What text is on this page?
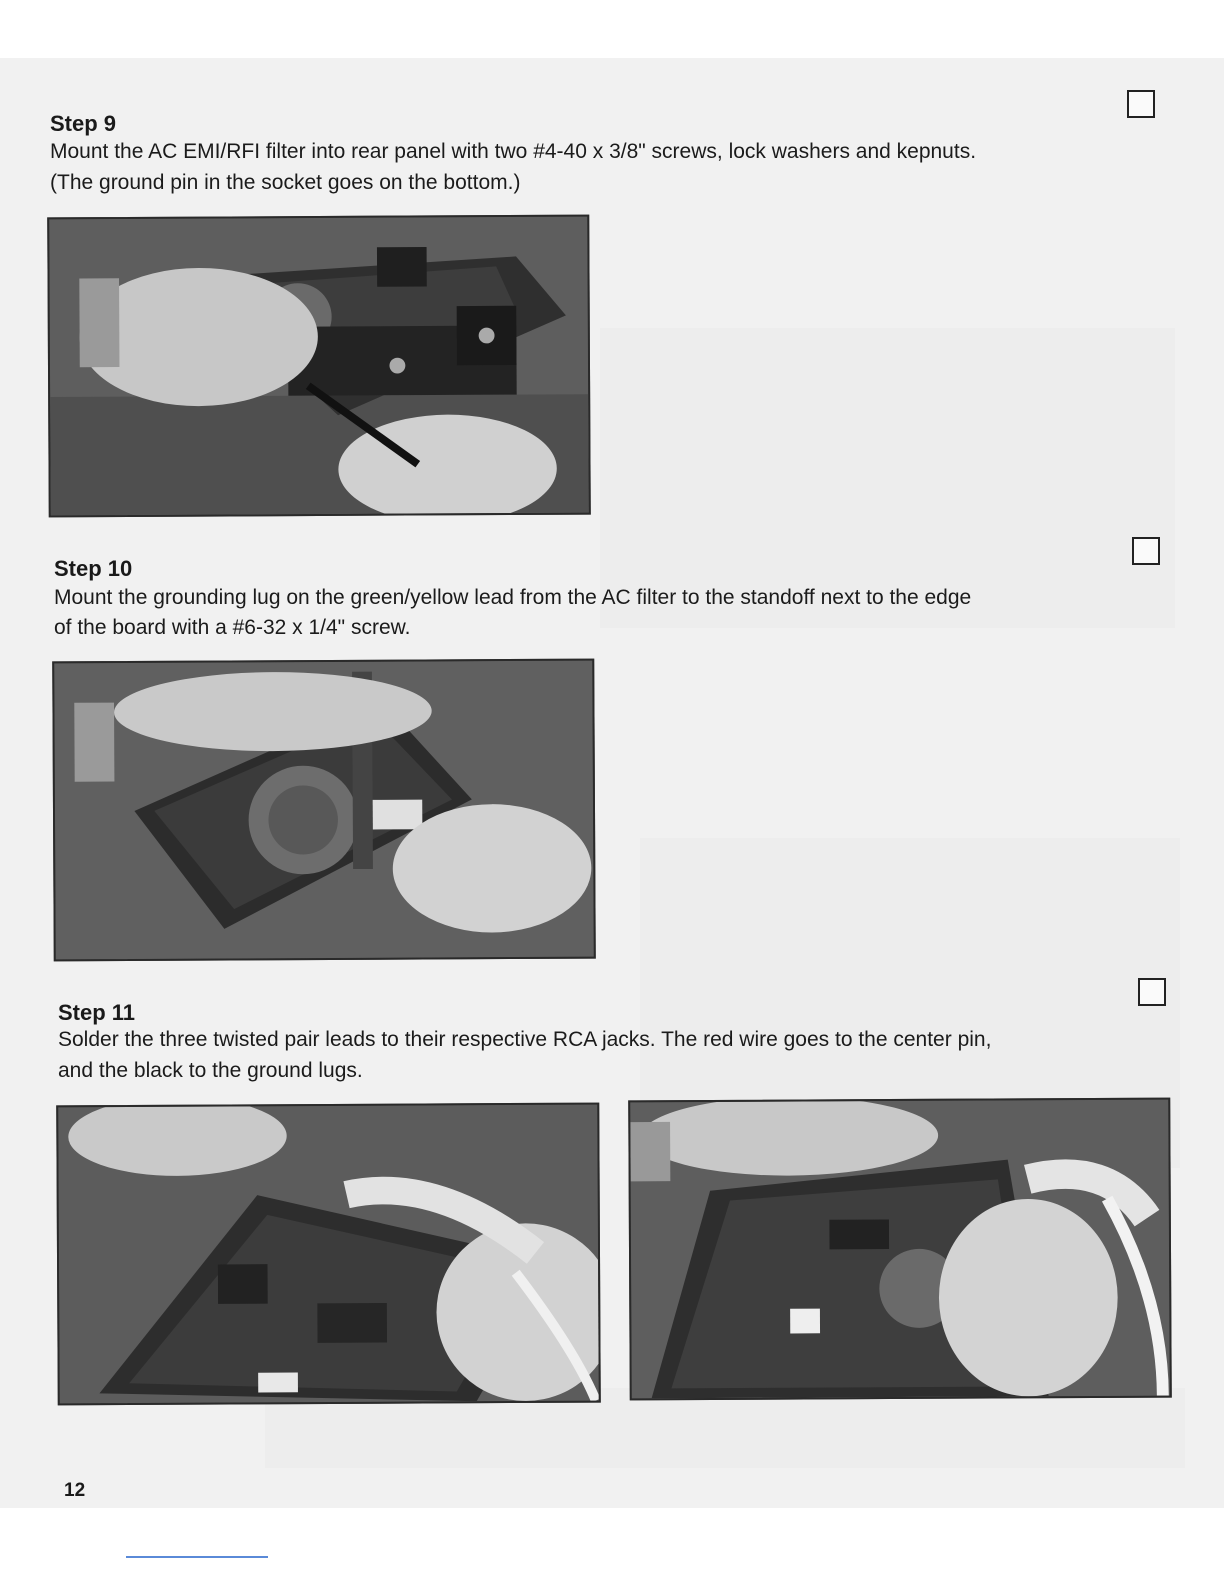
Step 9
Mount the AC EMI/RFI filter into rear panel with two #4-40 x 3/8" screws, lock washers and kepnuts.
(The ground pin in the socket goes on the bottom.)
Step 10
Mount the grounding lug on the green/yellow lead from the AC filter to the standoff next to the edge
of the board with a #6-32 x 1/4" screw.
Step 11
Solder the three twisted pair leads to their respective RCA jacks. The red wire goes to the center pin,
and the black to the ground lugs.
12
